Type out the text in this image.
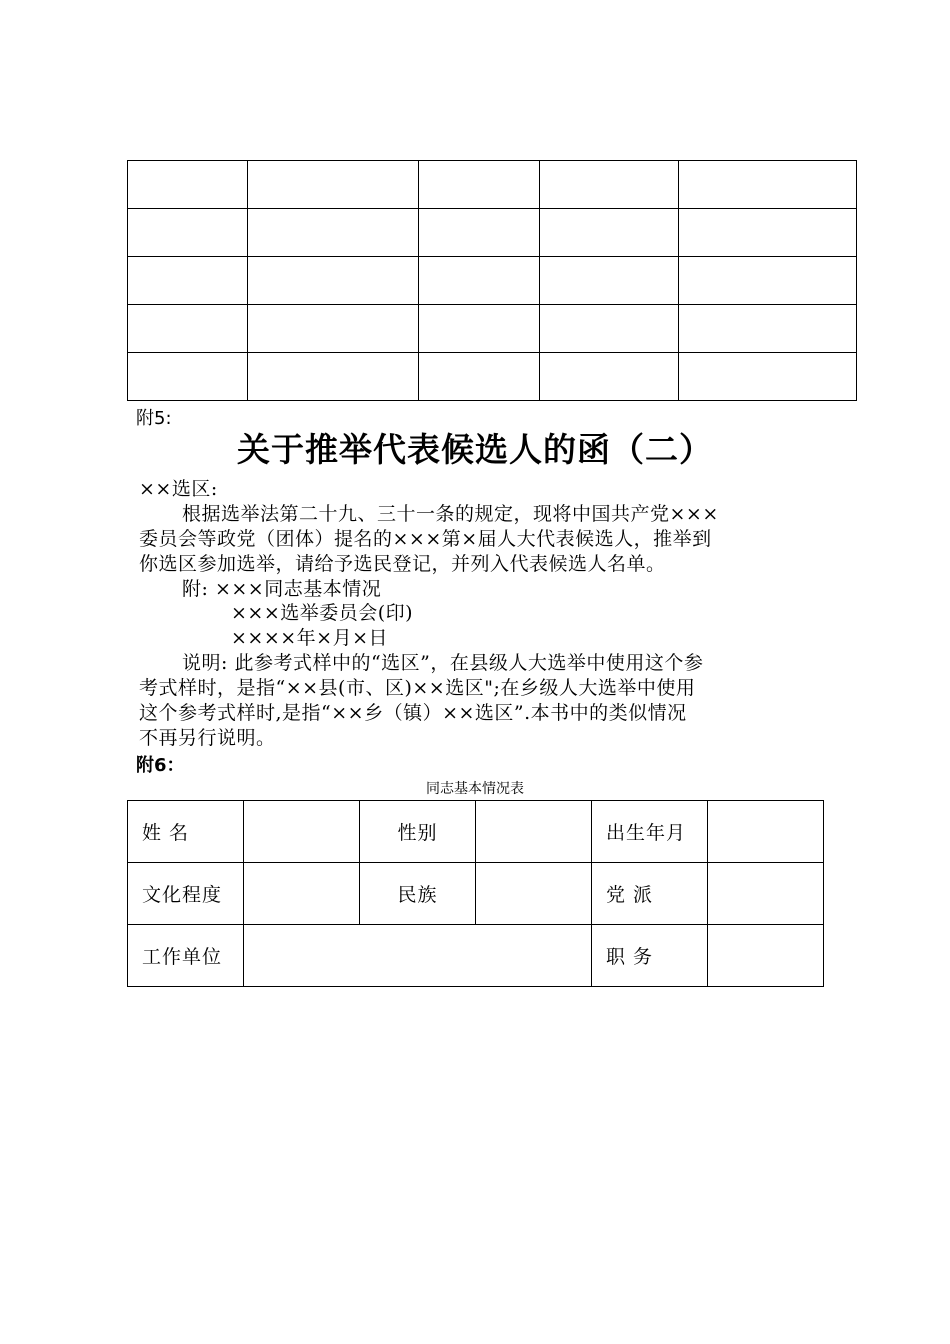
附5:
关于推举代表候选人的函（二）
××选区:
根据选举法第二十九、三十一条的规定，现将中国共产党×××
委员会等政党（团体）提名的×××第×届人大代表候选人，推举到
你选区参加选举，请给予选民登记，并列入代表候选人名单。
附: ×××同志基本情况
×××选举委员会(印)
××××年×月×日
说明: 此参考式样中的“选区”，在县级人大选举中使用这个参
考式样时，是指“××县(市、区)××选区";在乡级人大选举中使用
这个参考式样时,是指“××乡（镇）××选区”.本书中的类似情况
不再另行说明。
附6：
同志基本情况表
姓 名		性别		出生年月	
文化程度		民族		党 派	
工作单位				职 务	
